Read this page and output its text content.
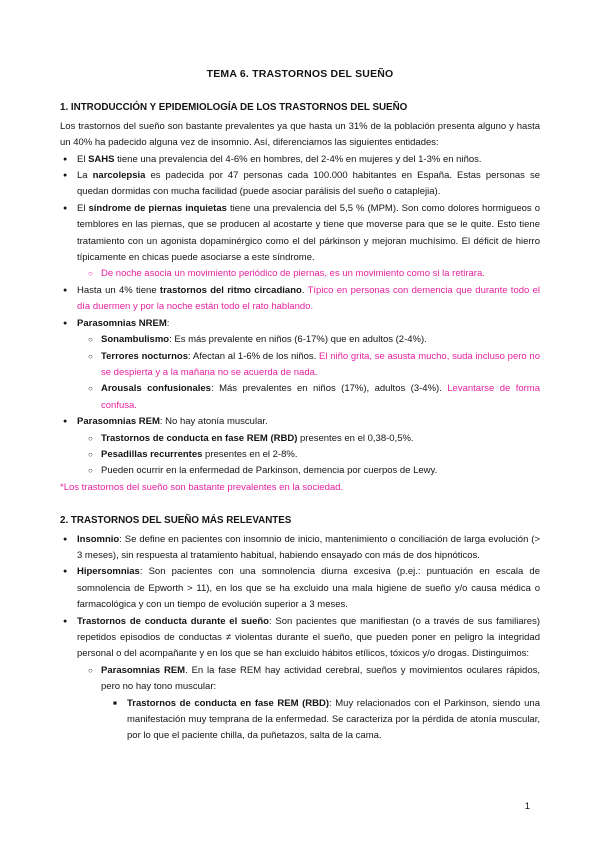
TEMA 6. TRASTORNOS DEL SUEÑO
1. INTRODUCCIÓN Y EPIDEMIOLOGÍA DE LOS TRASTORNOS DEL SUEÑO
Los trastornos del sueño son bastante prevalentes ya que hasta un 31% de la población presenta alguno y hasta un 40% ha padecido alguna vez de insomnio. Así, diferenciamos las siguientes entidades:
●	El SAHS tiene una prevalencia del 4-6% en hombres, del 2-4% en mujeres y del 1-3% en niños.
●	La narcolepsia es padecida por 47 personas cada 100.000 habitantes en España. Estas personas se quedan dormidas con mucha facilidad (puede asociar parálisis del sueño o cataplejia).
●	El síndrome de piernas inquietas tiene una prevalencia del 5,5 % (MPM). Son como dolores hormigueos o temblores en las piernas, que se producen al acostarte y tiene que moverse para que se le quite. Esto tiene tratamiento con un agonista dopaminérgico como el del párkinson y mejoran muchísimo. El déficit de hierro típicamente en chicas puede asociarse a este síndrome.
○ De noche asocia un movimiento periódico de piernas, es un movimiento como si la retirara.
●	Hasta un 4% tiene trastornos del ritmo circadiano. Típico en personas con demencia que durante todo el día duermen y por la noche están todo el rato hablando.
●	Parasomnias NREM:
○ Sonambulismo: Es más prevalente en niños (6-17%) que en adultos (2-4%).
○ Terrores nocturnos: Afectan al 1-6% de los niños. El niño grita, se asusta mucho, suda incluso pero no se despierta y a la mañana no se acuerda de nada.
○ Arousals confusionales: Más prevalentes en niños (17%), adultos (3-4%). Levantarse de forma confusa.
●	Parasomnias REM: No hay atonía muscular.
○ Trastornos de conducta en fase REM (RBD) presentes en el 0,38-0,5%.
○ Pesadillas recurrentes presentes en el 2-8%.
○ Pueden ocurrir en la enfermedad de Parkinson, demencia por cuerpos de Lewy.
*Los trastornos del sueño son bastante prevalentes en la sociedad.
2. TRASTORNOS DEL SUEÑO MÁS RELEVANTES
●	Insomnio: Se define en pacientes con insomnio de inicio, mantenimiento o conciliación de larga evolución (> 3 meses), sin respuesta al tratamiento habitual, habiendo ensayado con más de dos hipnóticos.
●	Hipersomnias: Son pacientes con una somnolencia diurna excesiva (p.ej.: puntuación en escala de somnolencia de Epworth > 11), en los que se ha excluido una mala higiene de sueño y/o causa médica o farmacológica y con un tiempo de evolución superior a 3 meses.
●	Trastornos de conducta durante el sueño: Son pacientes que manifiestan (o a través de sus familiares) repetidos episodios de conductas ≠ violentas durante el sueño, que pueden poner en peligro la integridad personal o del acompañante y en los que se han excluido hábitos etílicos, tóxicos y/o drogas. Distinguimos:
○ Parasomnias REM. En la fase REM hay actividad cerebral, sueños y movimientos oculares rápidos, pero no hay tono muscular:
■	Trastornos de conducta en fase REM (RBD): Muy relacionados con el Parkinson, siendo una manifestación muy temprana de la enfermedad. Se caracteriza por la pérdida de atonía muscular, por lo que el paciente chilla, da puñetazos, salta de la cama.
1
